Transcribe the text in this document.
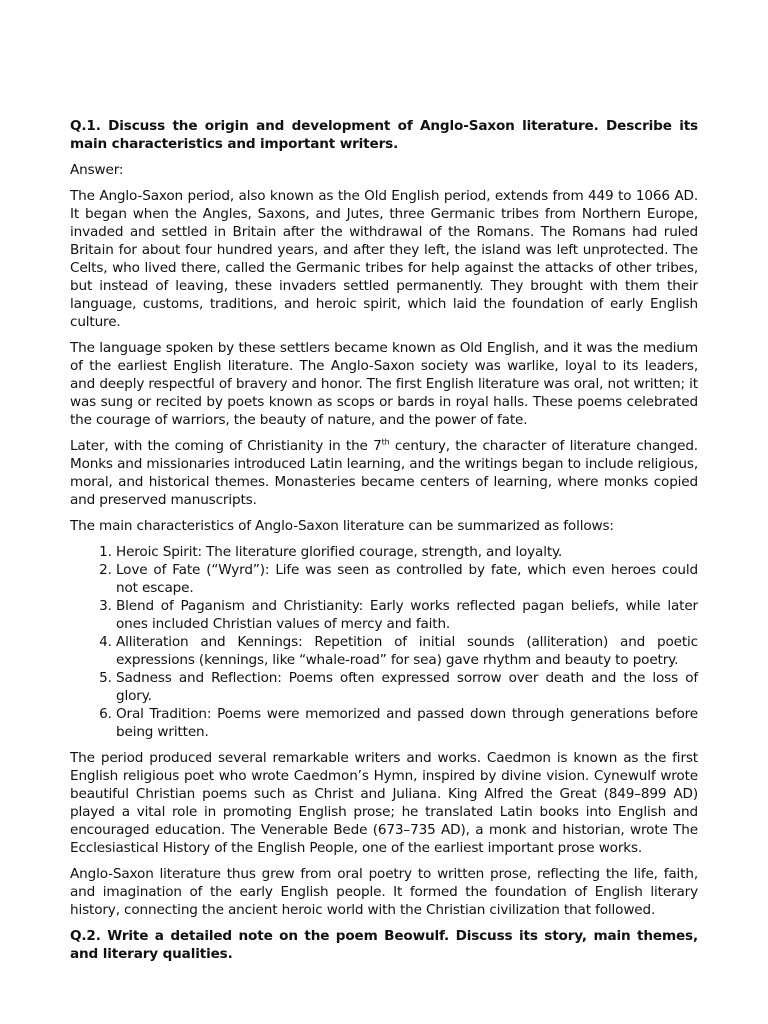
Q.1. Discuss the origin and development of Anglo-Saxon literature. Describe its main characteristics and important writers.

Answer:

The Anglo-Saxon period, also known as the Old English period, extends from 449 to 1066 AD. It began when the Angles, Saxons, and Jutes, three Germanic tribes from Northern Europe, invaded and settled in Britain after the withdrawal of the Romans. The Romans had ruled Britain for about four hundred years, and after they left, the island was left unprotected. The Celts, who lived there, called the Germanic tribes for help against the attacks of other tribes, but instead of leaving, these invaders settled permanently. They brought with them their language, customs, traditions, and heroic spirit, which laid the foundation of early English culture.

The language spoken by these settlers became known as Old English, and it was the medium of the earliest English literature. The Anglo-Saxon society was warlike, loyal to its leaders, and deeply respectful of bravery and honor. The first English literature was oral, not written; it was sung or recited by poets known as scops or bards in royal halls. These poems celebrated the courage of warriors, the beauty of nature, and the power of fate.

Later, with the coming of Christianity in the 7th century, the character of literature changed. Monks and missionaries introduced Latin learning, and the writings began to include religious, moral, and historical themes. Monasteries became centers of learning, where monks copied and preserved manuscripts.

The main characteristics of Anglo-Saxon literature can be summarized as follows:

1. Heroic Spirit: The literature glorified courage, strength, and loyalty.
2. Love of Fate (“Wyrd”): Life was seen as controlled by fate, which even heroes could not escape.
3. Blend of Paganism and Christianity: Early works reflected pagan beliefs, while later ones included Christian values of mercy and faith.
4. Alliteration and Kennings: Repetition of initial sounds (alliteration) and poetic expressions (kennings, like “whale-road” for sea) gave rhythm and beauty to poetry.
5. Sadness and Reflection: Poems often expressed sorrow over death and the loss of glory.
6. Oral Tradition: Poems were memorized and passed down through generations before being written.

The period produced several remarkable writers and works. Caedmon is known as the first English religious poet who wrote Caedmon’s Hymn, inspired by divine vision. Cynewulf wrote beautiful Christian poems such as Christ and Juliana. King Alfred the Great (849–899 AD) played a vital role in promoting English prose; he translated Latin books into English and encouraged education. The Venerable Bede (673–735 AD), a monk and historian, wrote The Ecclesiastical History of the English People, one of the earliest important prose works.

Anglo-Saxon literature thus grew from oral poetry to written prose, reflecting the life, faith, and imagination of the early English people. It formed the foundation of English literary history, connecting the ancient heroic world with the Christian civilization that followed.

Q.2. Write a detailed note on the poem Beowulf. Discuss its story, main themes, and literary qualities.
